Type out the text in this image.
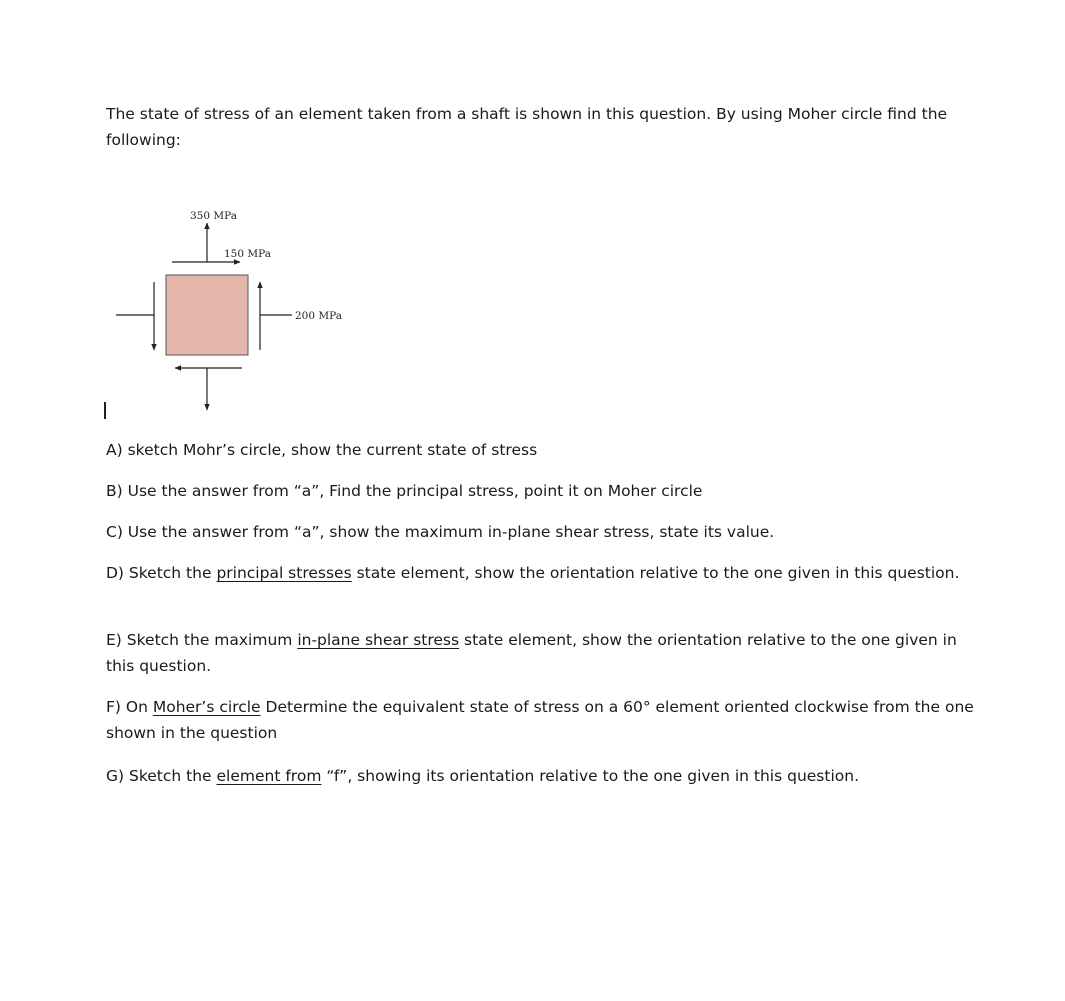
The state of stress of an element taken from a shaft is shown in this question. By using Moher circle find the following:

350 MPa
150 MPa
200 MPa

A) sketch Mohr’s circle, show the current state of stress

B) Use the answer from “a”, Find the principal stress, point it on Moher circle

C) Use the answer from “a”, show the maximum in-plane shear stress, state its value.

D) Sketch the principal stresses state element, show the orientation relative to the one given in this question.

E) Sketch the maximum in-plane shear stress state element, show the orientation relative to the one given in this question.

F) On Moher’s circle Determine the equivalent state of stress on a 60° element oriented clockwise from the one shown in the question

G) Sketch the element from “f”, showing its orientation relative to the one given in this question.
